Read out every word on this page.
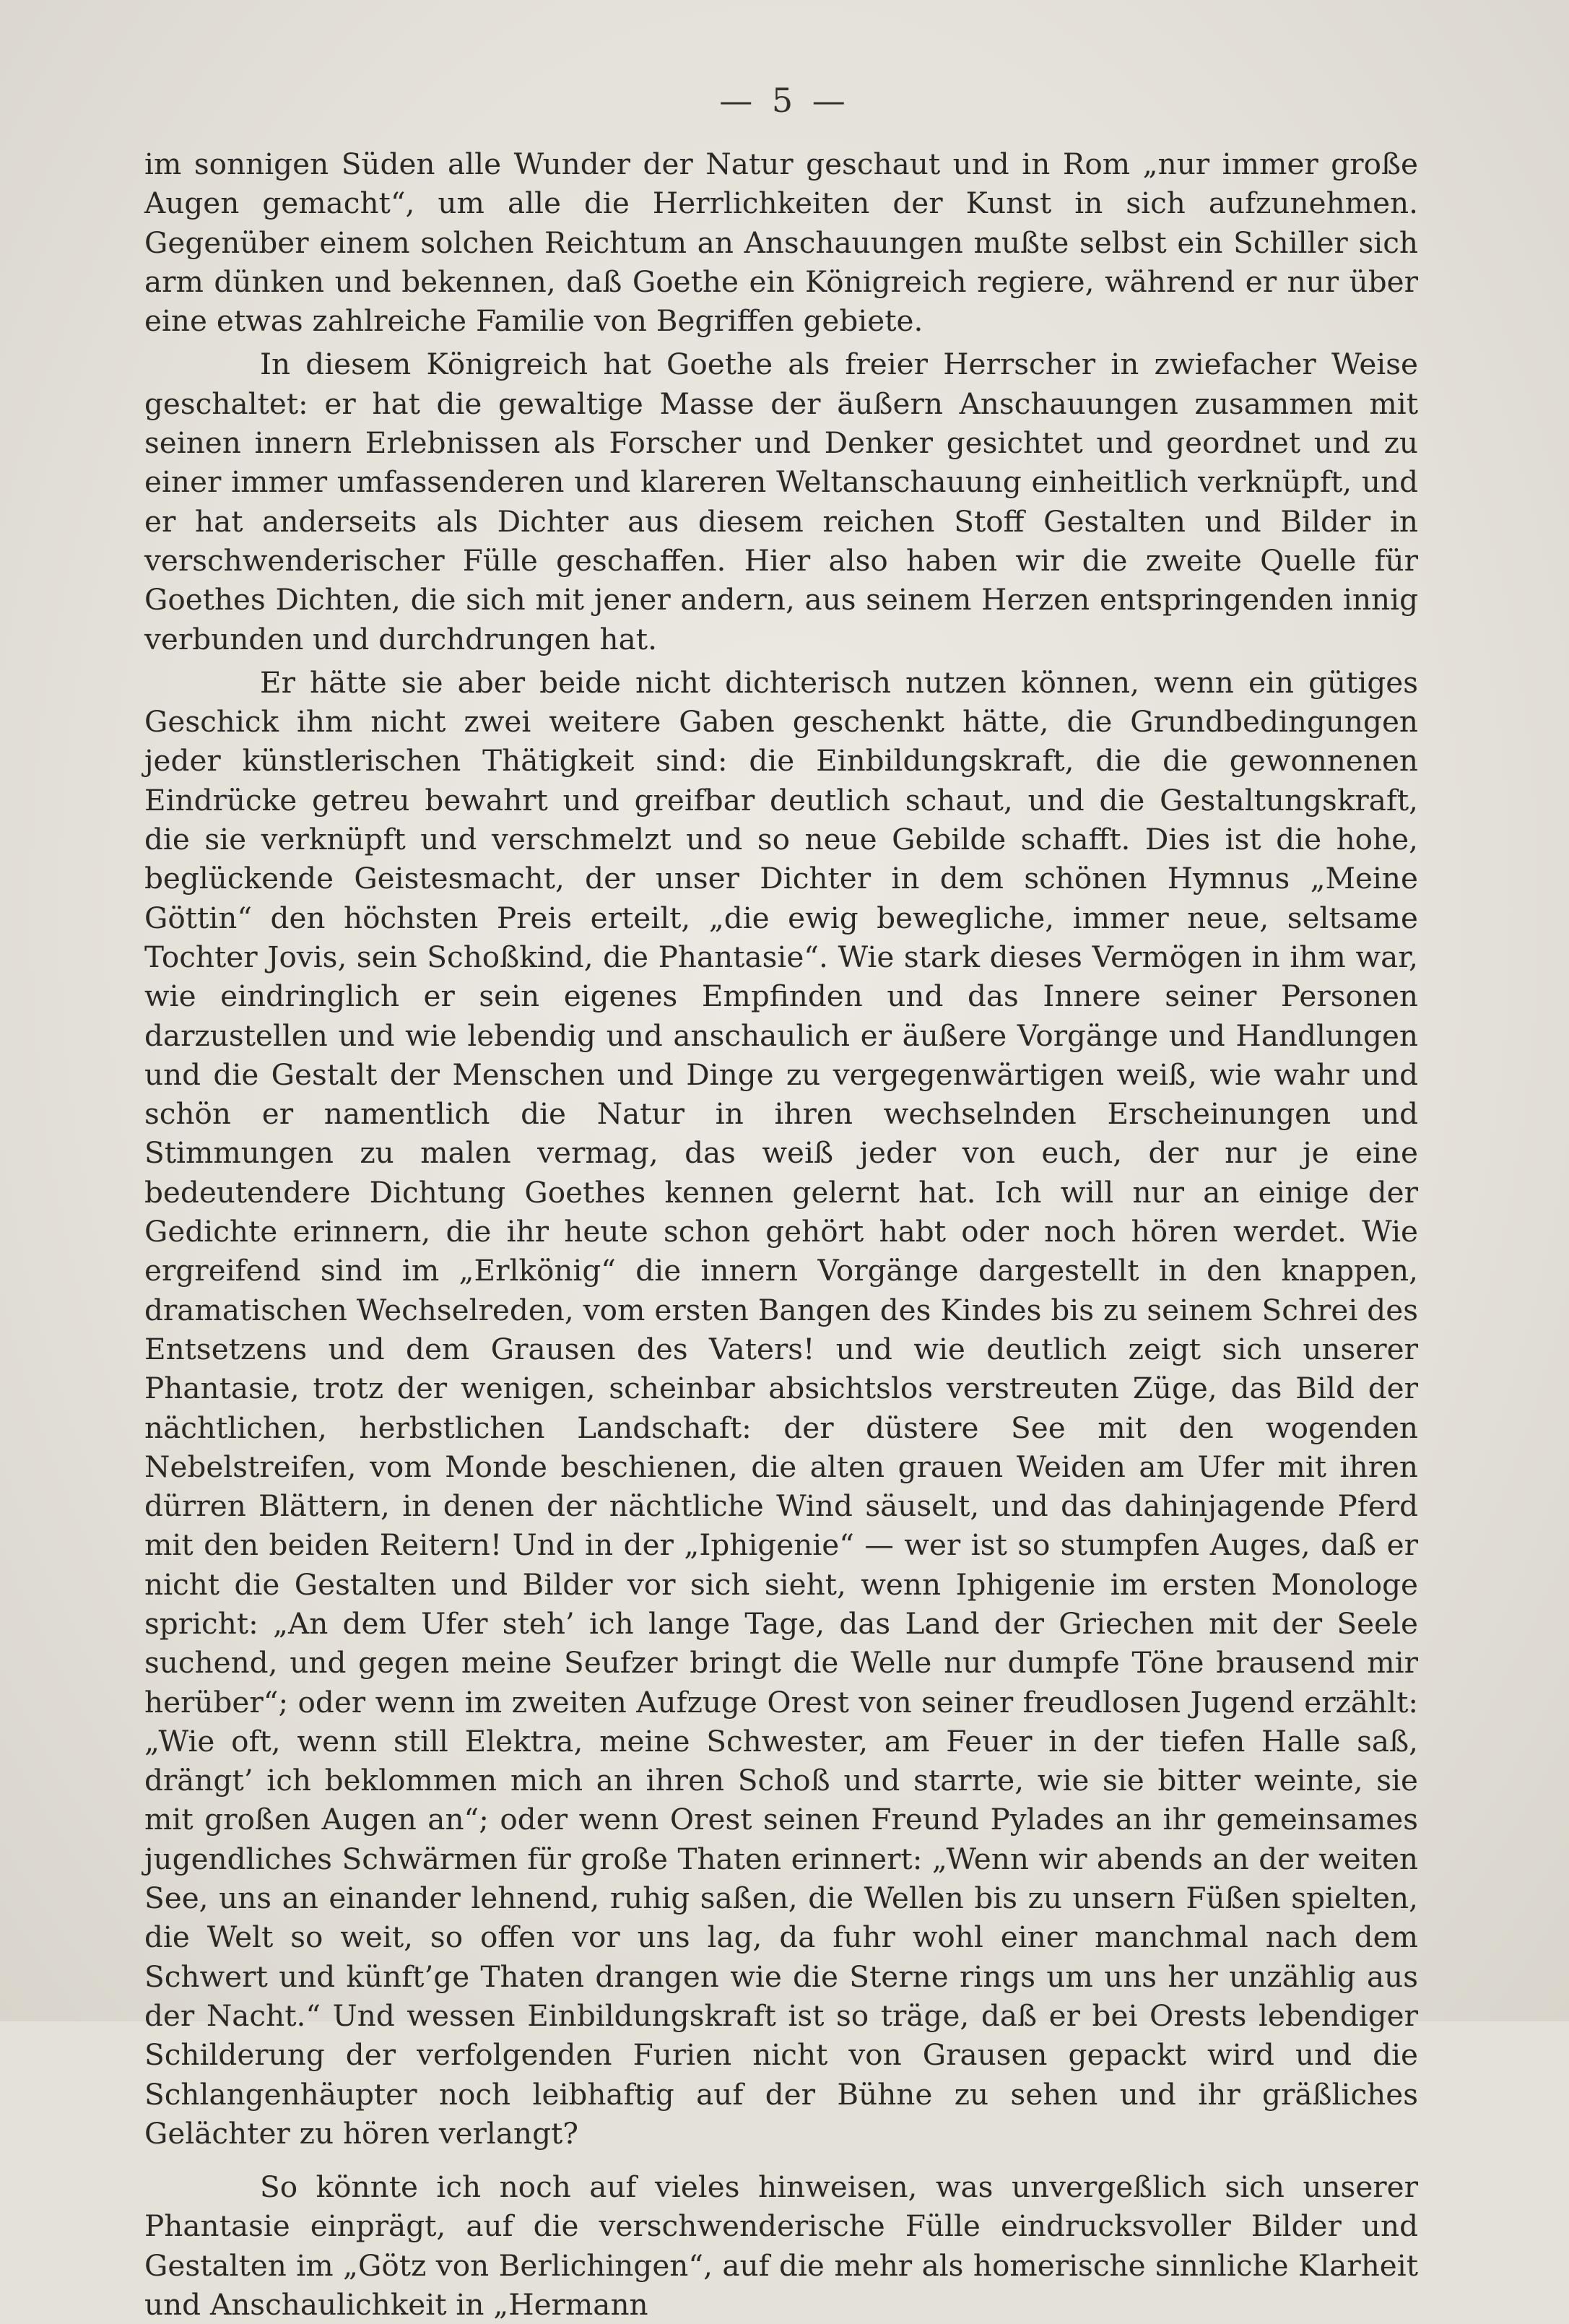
— 5 —

im sonnigen Süden alle Wunder der Natur geschaut und in Rom „nur immer große Augen gemacht“, um alle die Herrlichkeiten der Kunst in sich aufzunehmen. Gegenüber einem solchen Reichtum an Anschauungen mußte selbst ein Schiller sich arm dünken und bekennen, daß Goethe ein Königreich regiere, während er nur über eine etwas zahlreiche Familie von Begriffen gebiete.

In diesem Königreich hat Goethe als freier Herrscher in zwiefacher Weise geschaltet: er hat die gewaltige Masse der äußern Anschauungen zusammen mit seinen innern Erlebnissen als Forscher und Denker gesichtet und geordnet und zu einer immer umfassenderen und klareren Weltanschauung einheitlich verknüpft, und er hat anderseits als Dichter aus diesem reichen Stoff Gestalten und Bilder in verschwenderischer Fülle geschaffen. Hier also haben wir die zweite Quelle für Goethes Dichten, die sich mit jener andern, aus seinem Herzen entspringenden innig verbunden und durchdrungen hat.

Er hätte sie aber beide nicht dichterisch nutzen können, wenn ein gütiges Geschick ihm nicht zwei weitere Gaben geschenkt hätte, die Grundbedingungen jeder künstlerischen Thätigkeit sind: die Einbildungskraft, die die gewonnenen Eindrücke getreu bewahrt und greifbar deutlich schaut, und die Gestaltungskraft, die sie verknüpft und verschmelzt und so neue Gebilde schafft. Dies ist die hohe, beglückende Geistesmacht, der unser Dichter in dem schönen Hymnus „Meine Göttin“ den höchsten Preis erteilt, „die ewig bewegliche, immer neue, seltsame Tochter Jovis, sein Schoßkind, die Phantasie“. Wie stark dieses Vermögen in ihm war, wie eindringlich er sein eigenes Empfinden und das Innere seiner Personen darzustellen und wie lebendig und anschaulich er äußere Vorgänge und Handlungen und die Gestalt der Menschen und Dinge zu vergegenwärtigen weiß, wie wahr und schön er namentlich die Natur in ihren wechselnden Erscheinungen und Stimmungen zu malen vermag, das weiß jeder von euch, der nur je eine bedeutendere Dichtung Goethes kennen gelernt hat. Ich will nur an einige der Gedichte erinnern, die ihr heute schon gehört habt oder noch hören werdet. Wie ergreifend sind im „Erlkönig“ die innern Vorgänge dargestellt in den knappen, dramatischen Wechselreden, vom ersten Bangen des Kindes bis zu seinem Schrei des Entsetzens und dem Grausen des Vaters! und wie deutlich zeigt sich unserer Phantasie, trotz der wenigen, scheinbar absichtslos verstreuten Züge, das Bild der nächtlichen, herbstlichen Landschaft: der düstere See mit den wogenden Nebelstreifen, vom Monde beschienen, die alten grauen Weiden am Ufer mit ihren dürren Blättern, in denen der nächtliche Wind säuselt, und das dahinjagende Pferd mit den beiden Reitern! Und in der „Iphigenie“ — wer ist so stumpfen Auges, daß er nicht die Gestalten und Bilder vor sich sieht, wenn Iphigenie im ersten Monologe spricht: „An dem Ufer steh’ ich lange Tage, das Land der Griechen mit der Seele suchend, und gegen meine Seufzer bringt die Welle nur dumpfe Töne brausend mir herüber“; oder wenn im zweiten Aufzuge Orest von seiner freudlosen Jugend erzählt: „Wie oft, wenn still Elektra, meine Schwester, am Feuer in der tiefen Halle saß, drängt’ ich beklommen mich an ihren Schoß und starrte, wie sie bitter weinte, sie mit großen Augen an“; oder wenn Orest seinen Freund Pylades an ihr gemeinsames jugendliches Schwärmen für große Thaten erinnert: „Wenn wir abends an der weiten See, uns an einander lehnend, ruhig saßen, die Wellen bis zu unsern Füßen spielten, die Welt so weit, so offen vor uns lag, da fuhr wohl einer manchmal nach dem Schwert und künft’ge Thaten drangen wie die Sterne rings um uns her unzählig aus der Nacht.“ Und wessen Einbildungskraft ist so träge, daß er bei Orests lebendiger Schilderung der verfolgenden Furien nicht von Grausen gepackt wird und die Schlangenhäupter noch leibhaftig auf der Bühne zu sehen und ihr gräßliches Gelächter zu hören verlangt?

So könnte ich noch auf vieles hinweisen, was unvergeßlich sich unserer Phantasie einprägt, auf die verschwenderische Fülle eindrucksvoller Bilder und Gestalten im „Götz von Berlichingen“, auf die mehr als homerische sinnliche Klarheit und Anschaulichkeit in „Hermann
